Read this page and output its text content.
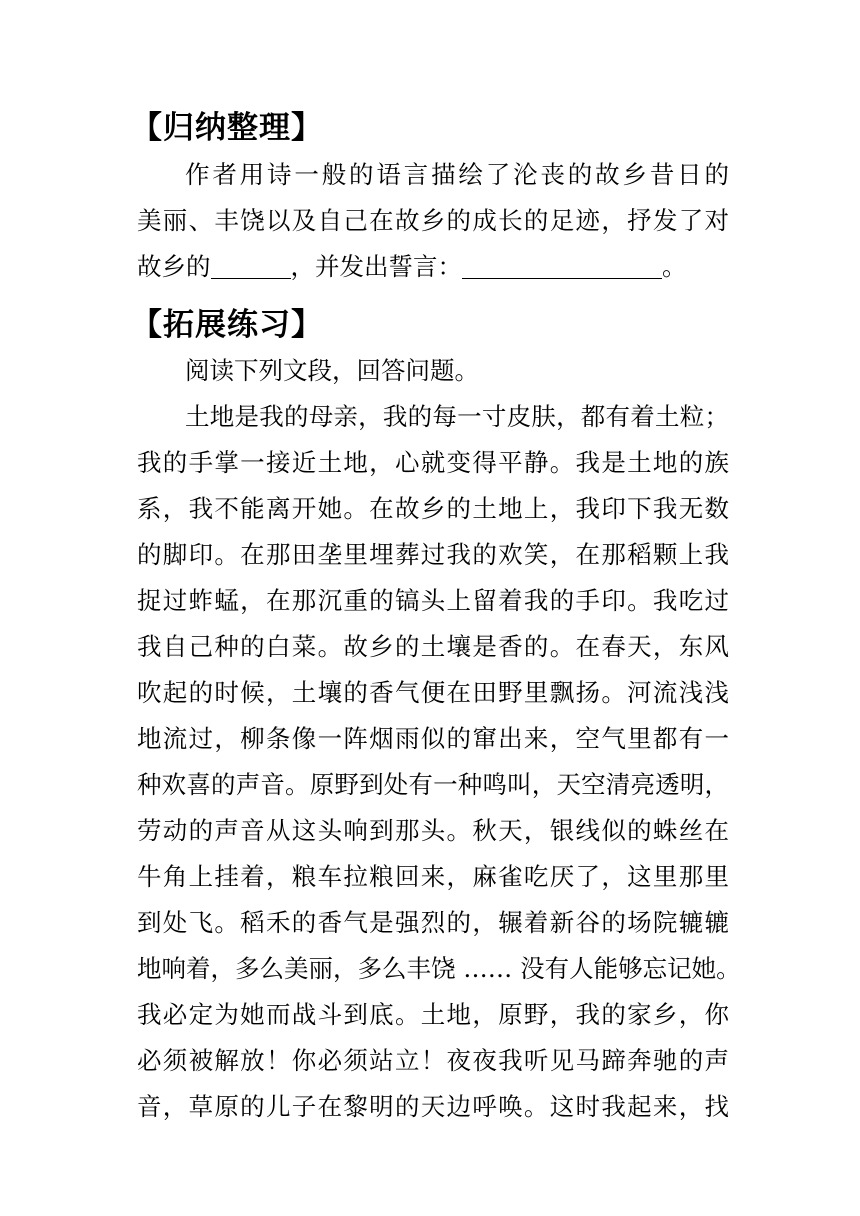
【归纳整理】
作者用诗一般的语言描绘了沦丧的故乡昔日的
美丽、丰饶以及自己在故乡的成长的足迹，抒发了对
故乡的	，并发出誓言：	。
【拓展练习】
阅读下列文段，回答问题。
土地是我的母亲，我的每一寸皮肤，都有着土粒；
我的手掌一接近土地，心就变得平静。我是土地的族
系，我不能离开她。在故乡的土地上，我印下我无数
的脚印。在那田垄里埋葬过我的欢笑，在那稻颗上我
捉过蚱蜢，在那沉重的镐头上留着我的手印。我吃过
我自己种的白菜。故乡的土壤是香的。在春天，东风
吹起的时候，土壤的香气便在田野里飘扬。河流浅浅
地流过，柳条像一阵烟雨似的窜出来，空气里都有一
种欢喜的声音。原野到处有一种鸣叫，天空清亮透明，
劳动的声音从这头响到那头。秋天，银线似的蛛丝在
牛角上挂着，粮车拉粮回来，麻雀吃厌了，这里那里
到处飞。稻禾的香气是强烈的，辗着新谷的场院辘辘
地响着，多么美丽，多么丰饶 …… 没有人能够忘记她。
我必定为她而战斗到底。土地，原野，我的家乡，你
必须被解放！你必须站立！夜夜我听见马蹄奔驰的声
音，草原的儿子在黎明的天边呼唤。这时我起来，找
